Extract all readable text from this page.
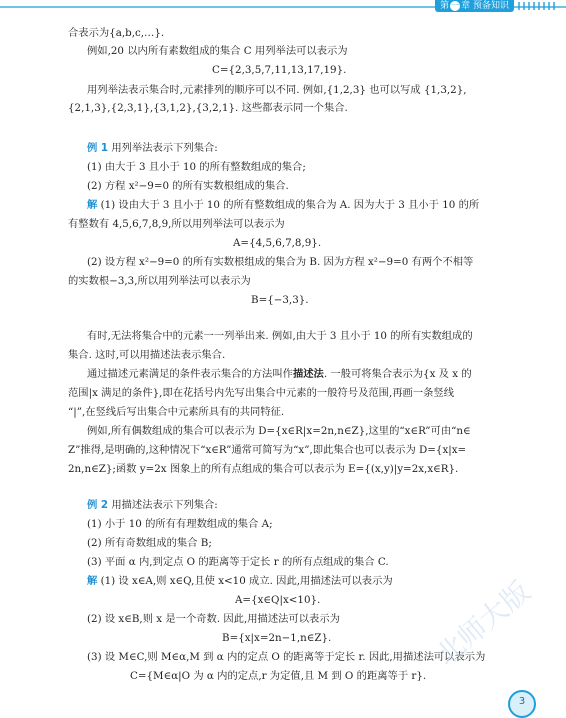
第 一 章 预备知识
合表示为{a,b,c,…}.
例如,20 以内所有素数组成的集合 C 用列举法可以表示为
C={2,3,5,7,11,13,17,19}.
用列举法表示集合时,元素排列的顺序可以不同. 例如,{1,2,3} 也可以写成 {1,3,2},
{2,1,3},{2,3,1},{3,1,2},{3,2,1}. 这些都表示同一个集合.
例 1 用列举法表示下列集合:
(1) 由大于 3 且小于 10 的所有整数组成的集合;
(2) 方程 x²−9=0 的所有实数根组成的集合.
解 (1) 设由大于 3 且小于 10 的所有整数组成的集合为 A. 因为大于 3 且小于 10 的所
有整数有 4,5,6,7,8,9,所以用列举法可以表示为
A={4,5,6,7,8,9}.
(2) 设方程 x²−9=0 的所有实数根组成的集合为 B. 因为方程 x²−9=0 有两个不相等
的实数根−3,3,所以用列举法可以表示为
B={−3,3}.
有时,无法将集合中的元素一一列举出来. 例如,由大于 3 且小于 10 的所有实数组成的
集合. 这时,可以用描述法表示集合.
通过描述元素满足的条件表示集合的方法叫作描述法. 一般可将集合表示为{x 及 x 的
范围|x 满足的条件},即在花括号内先写出集合中元素的一般符号及范围,再画一条竖线
“|”,在竖线后写出集合中元素所具有的共同特征.
例如,所有偶数组成的集合可以表示为 D={x∈R|x=2n,n∈Z},这里的“x∈R”可由“n∈
Z”推得,是明确的,这种情况下“x∈R”通常可简写为“x”,即此集合也可以表示为 D={x|x=
2n,n∈Z};函数 y=2x 图象上的所有点组成的集合可以表示为 E={(x,y)|y=2x,x∈R}.
例 2 用描述法表示下列集合:
(1) 小于 10 的所有有理数组成的集合 A;
(2) 所有奇数组成的集合 B;
(3) 平面 α 内,到定点 O 的距离等于定长 r 的所有点组成的集合 C.
解 (1) 设 x∈A,则 x∈Q,且使 x<10 成立. 因此,用描述法可以表示为
A={x∈Q|x<10}.
(2) 设 x∈B,则 x 是一个奇数. 因此,用描述法可以表示为
B={x|x=2n−1,n∈Z}.
(3) 设 M∈C,则 M∈α,M 到 α 内的定点 O 的距离等于定长 r. 因此,用描述法可以表示为
C={M∈α|O 为 α 内的定点,r 为定值,且 M 到 O 的距离等于 r}.
北师大版
3
